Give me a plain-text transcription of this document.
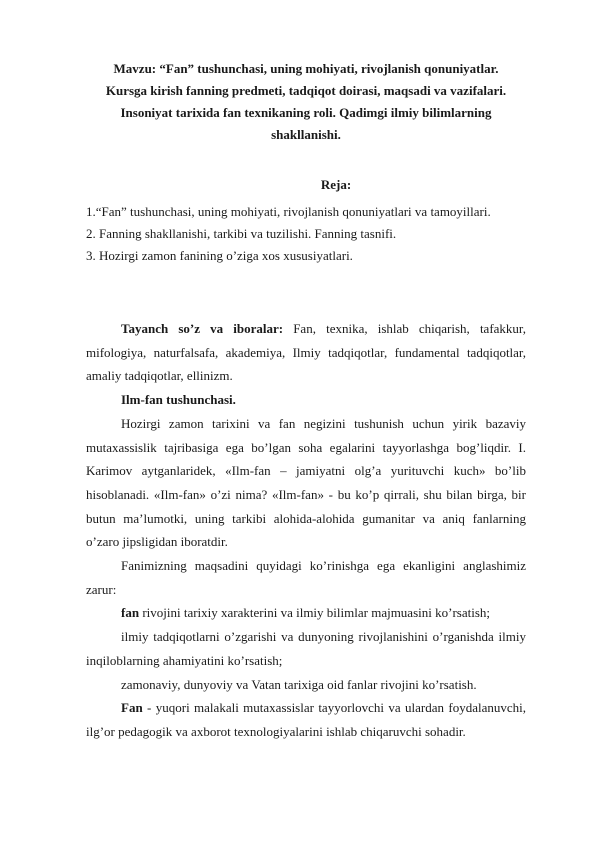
Mavzu: “Fan” tushunchasi, uning mohiyati, rivojlanish qonuniyatlar.
Kursga kirish fanning predmeti, tadqiqot doirasi, maqsadi va vazifalari.
Insoniyat tarixida fan texnikaning roli. Qadimgi ilmiy bilimlarning
shakllanishi.
Reja:
1.“Fan” tushunchasi, uning mohiyati, rivojlanish qonuniyatlari va tamoyillari.
2. Fanning shakllanishi, tarkibi va tuzilishi. Fanning tasnifi.
3. Hozirgi zamon fanining o’ziga xos xususiyatlari.

Tayanch so’z va iboralar: Fan, texnika, ishlab chiqarish, tafakkur, mifologiya, naturfalsafa, akademiya, Ilmiy tadqiqotlar, fundamental tadqiqotlar, amaliy tadqiqotlar, ellinizm.

Ilm-fan tushunchasi.

Hozirgi zamon tarixini va fan negizini tushunish uchun yirik bazaviy mutaxassislik tajribasiga ega bo’lgan soha egalarini tayyorlashga bog’liqdir. I. Karimov aytganlaridek, «Ilm-fan – jamiyatni olg’a yurituvchi kuch» bo’lib hisoblanadi. «Ilm-fan» o’zi nima? «Ilm-fan» - bu ko’p qirrali, shu bilan birga, bir butun ma’lumotki, uning tarkibi alohida-alohida gumanitar va aniq fanlarning o’zaro jipsligidan iboratdir.

Fanimizning maqsadini quyidagi ko’rinishga ega ekanligini anglashimiz zarur:

fan rivojini tarixiy xarakterini va ilmiy bilimlar majmuasini ko’rsatish;

ilmiy tadqiqotlarni o’zgarishi va dunyoning rivojlanishini o’rganishda ilmiy inqiloblarning ahamiyatini ko’rsatish;

zamonaviy, dunyoviy va Vatan tarixiga oid fanlar rivojini ko’rsatish.

Fan - yuqori malakali mutaxassislar tayyorlovchi va ulardan foydalanuvchi, ilg’or pedagogik va axborot texnologiyalarini ishlab chiqaruvchi sohadir.
